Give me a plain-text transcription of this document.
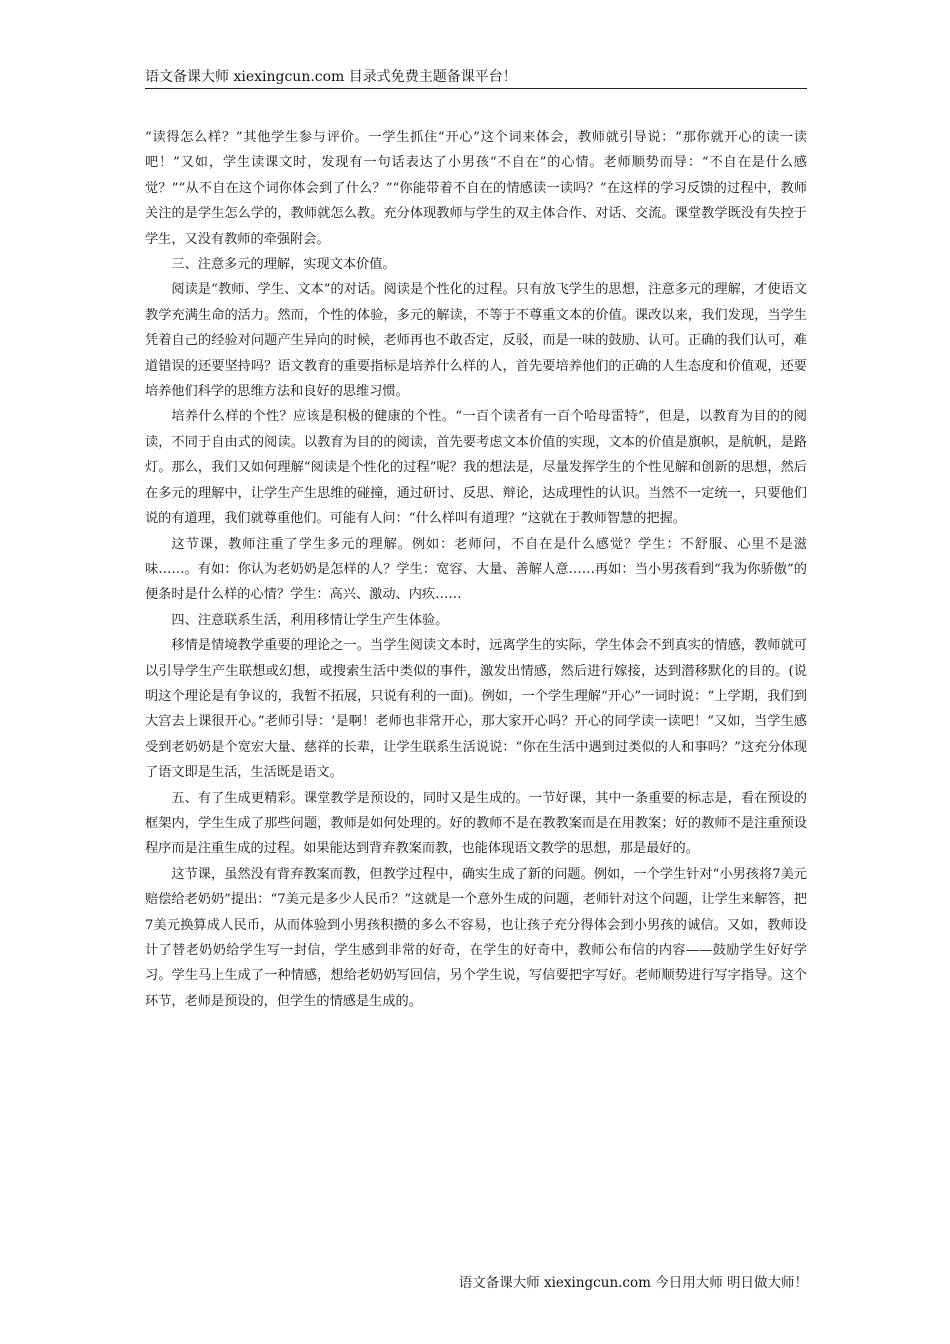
语文备课大师 xiexingcun.com 目录式免费主题备课平台！

“读得怎么样？”其他学生参与评价。一学生抓住“开心”这个词来体会，教师就引导说：“那你就开心的读一读吧！”又如，学生读课文时，发现有一句话表达了小男孩“不自在”的心情。老师顺势而导：“不自在是什么感觉？”“从不自在这个词你体会到了什么？”“你能带着不自在的情感读一读吗？”在这样的学习反馈的过程中，教师关注的是学生怎么学的，教师就怎么教。充分体现教师与学生的双主体合作、对话、交流。课堂教学既没有失控于学生，又没有教师的牵强附会。

三、注意多元的理解，实现文本价值。

阅读是“教师、学生、文本”的对话。阅读是个性化的过程。只有放飞学生的思想，注意多元的理解，才使语文教学充满生命的活力。然而，个性的体验，多元的解读，不等于不尊重文本的价值。课改以来，我们发现，当学生凭着自己的经验对问题产生异向的时候，老师再也不敢否定，反驳，而是一味的鼓励、认可。正确的我们认可，难道错误的还要坚持吗？语文教育的重要指标是培养什么样的人，首先要培养他们的正确的人生态度和价值观，还要培养他们科学的思维方法和良好的思维习惯。

培养什么样的个性？应该是积极的健康的个性。“一百个读者有一百个哈母雷特”，但是，以教育为目的的阅读，不同于自由式的阅读。以教育为目的的阅读，首先要考虑文本价值的实现，文本的价值是旗帜，是航帆，是路灯。那么，我们又如何理解“阅读是个性化的过程”呢？我的想法是，尽量发挥学生的个性见解和创新的思想，然后在多元的理解中，让学生产生思维的碰撞，通过研讨、反思、辩论，达成理性的认识。当然不一定统一，只要他们说的有道理，我们就尊重他们。可能有人问：“什么样叫有道理？”这就在于教师智慧的把握。

这节课，教师注重了学生多元的理解。例如：老师问，不自在是什么感觉？学生：不舒服、心里不是滋味……。有如：你认为老奶奶是怎样的人？学生：宽容、大量、善解人意……再如：当小男孩看到“我为你骄傲”的便条时是什么样的心情？学生：高兴、激动、内疚……

四、注意联系生活，利用移情让学生产生体验。

移情是情境教学重要的理论之一。当学生阅读文本时，远离学生的实际，学生体会不到真实的情感，教师就可以引导学生产生联想或幻想，或搜索生活中类似的事件，激发出情感，然后进行嫁接，达到潜移默化的目的。(说明这个理论是有争议的，我暂不拓展，只说有利的一面)。例如，一个学生理解“开心”一词时说：“上学期，我们到大宫去上课很开心。”老师引导：‘是啊！老师也非常开心，那大家开心吗？开心的同学读一读吧！”又如，当学生感受到老奶奶是个宽宏大量、慈祥的长辈，让学生联系生活说说：“你在生活中遇到过类似的人和事吗？”这充分体现了语文即是生活，生活既是语文。

五、有了生成更精彩。课堂教学是预设的，同时又是生成的。一节好课，其中一条重要的标志是，看在预设的框架内，学生生成了那些问题，教师是如何处理的。好的教师不是在教教案而是在用教案；好的教师不是注重预设程序而是注重生成的过程。如果能达到背弃教案而教，也能体现语文教学的思想，那是最好的。

这节课，虽然没有背弃教案而教，但教学过程中，确实生成了新的问题。例如，一个学生针对“小男孩将7美元赔偿给老奶奶”提出：“7美元是多少人民币？”这就是一个意外生成的问题，老师针对这个问题，让学生来解答，把7美元换算成人民币，从而体验到小男孩积攒的多么不容易，也让孩子充分得体会到小男孩的诚信。又如，教师设计了替老奶奶给学生写一封信，学生感到非常的好奇，在学生的好奇中，教师公布信的内容——鼓励学生好好学习。学生马上生成了一种情感，想给老奶奶写回信，另个学生说，写信要把字写好。老师顺势进行写字指导。这个环节，老师是预设的，但学生的情感是生成的。

语文备课大师 xiexingcun.com 今日用大师 明日做大师！
